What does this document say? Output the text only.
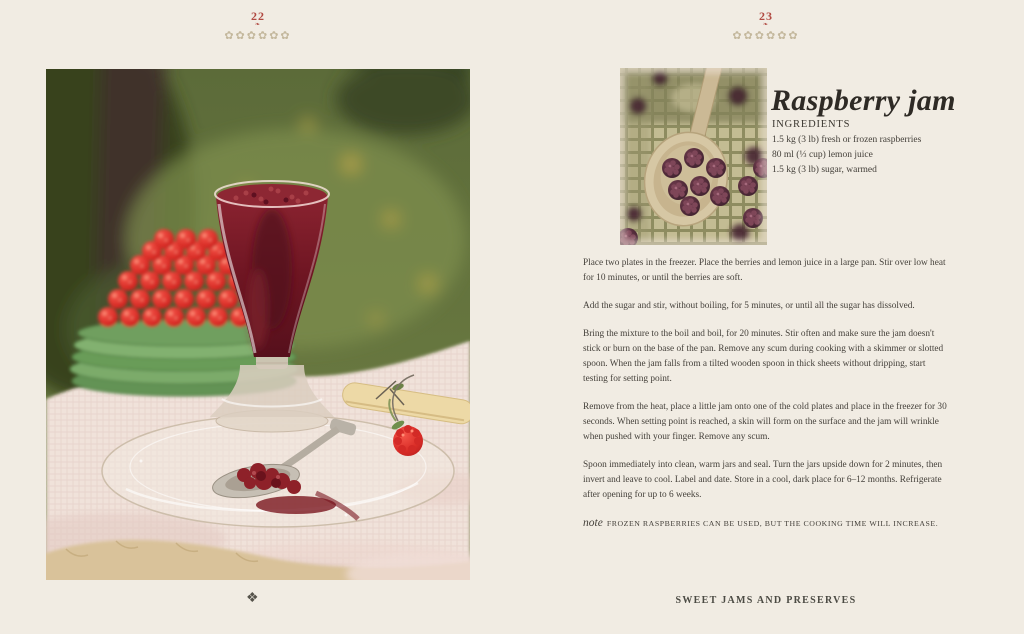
22
❧
✿✿✿✿✿✿
23
❧
✿✿✿✿✿✿
Raspberry jam
INGREDIENTS
1.5 kg (3 lb) fresh or frozen raspberries
80 ml (⅓ cup) lemon juice
1.5 kg (3 lb) sugar, warmed

Place two plates in the freezer. Place the berries and lemon juice in a large pan. Stir over low heat for 10 minutes, or until the berries are soft.

Add the sugar and stir, without boiling, for 5 minutes, or until all the sugar has dissolved.

Bring the mixture to the boil and boil, for 20 minutes. Stir often and make sure the jam doesn't stick or burn on the base of the pan. Remove any scum during cooking with a skimmer or slotted spoon. When the jam falls from a tilted wooden spoon in thick sheets without dripping, start testing for setting point.

Remove from the heat, place a little jam onto one of the cold plates and place in the freezer for 30 seconds. When setting point is reached, a skin will form on the surface and the jam will wrinkle when pushed with your finger. Remove any scum.

Spoon immediately into clean, warm jars and seal. Turn the jars upside down for 2 minutes, then invert and leave to cool. Label and date. Store in a cool, dark place for 6–12 months. Refrigerate after opening for up to 6 weeks.

note FROZEN RASPBERRIES CAN BE USED, BUT THE COOKING TIME WILL INCREASE.
❖	SWEET JAMS AND PRESERVES
